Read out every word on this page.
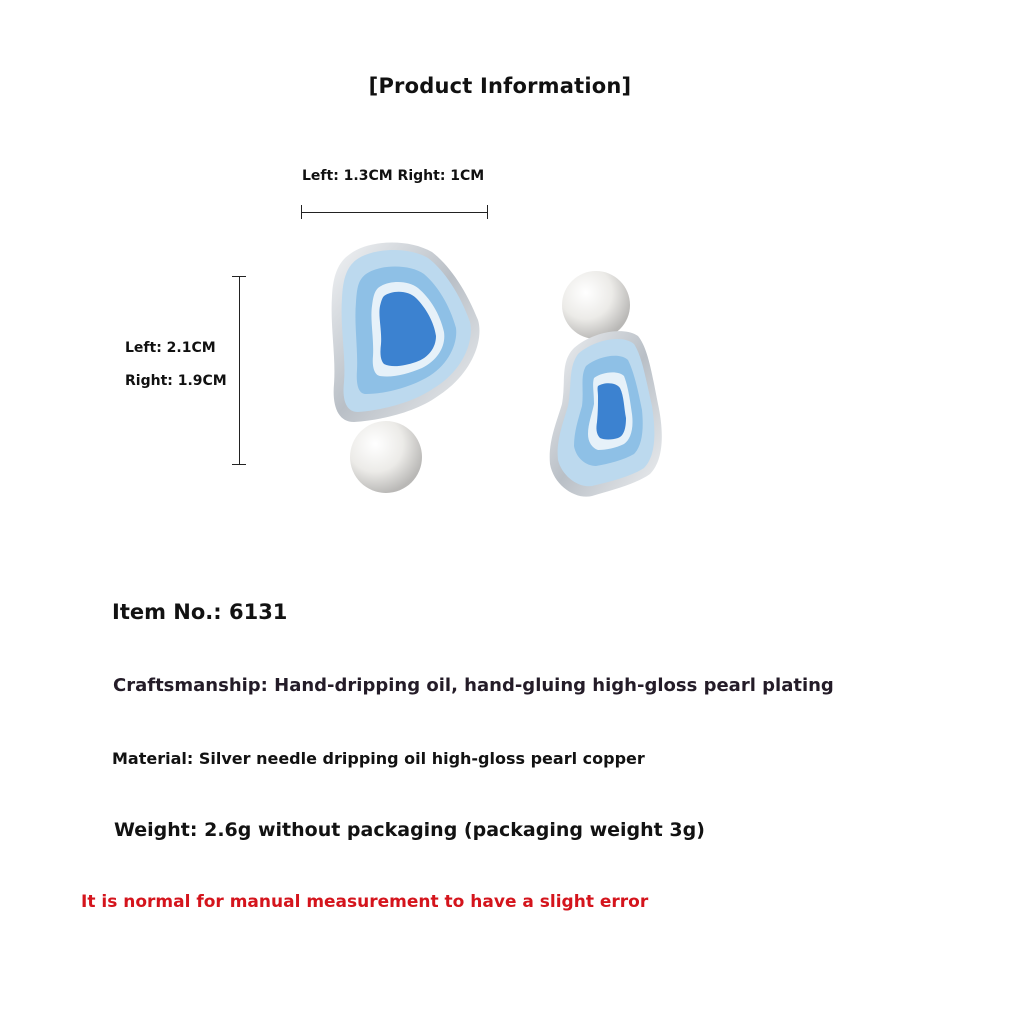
[Product Information]
Left: 1.3CM Right: 1CM
Left: 2.1CM
Right: 1.9CM
Item No.: 6131
Craftsmanship: Hand-dripping oil, hand-gluing high-gloss pearl plating
Material: Silver needle dripping oil high-gloss pearl copper
Weight: 2.6g without packaging (packaging weight 3g)
It is normal for manual measurement to have a slight error
